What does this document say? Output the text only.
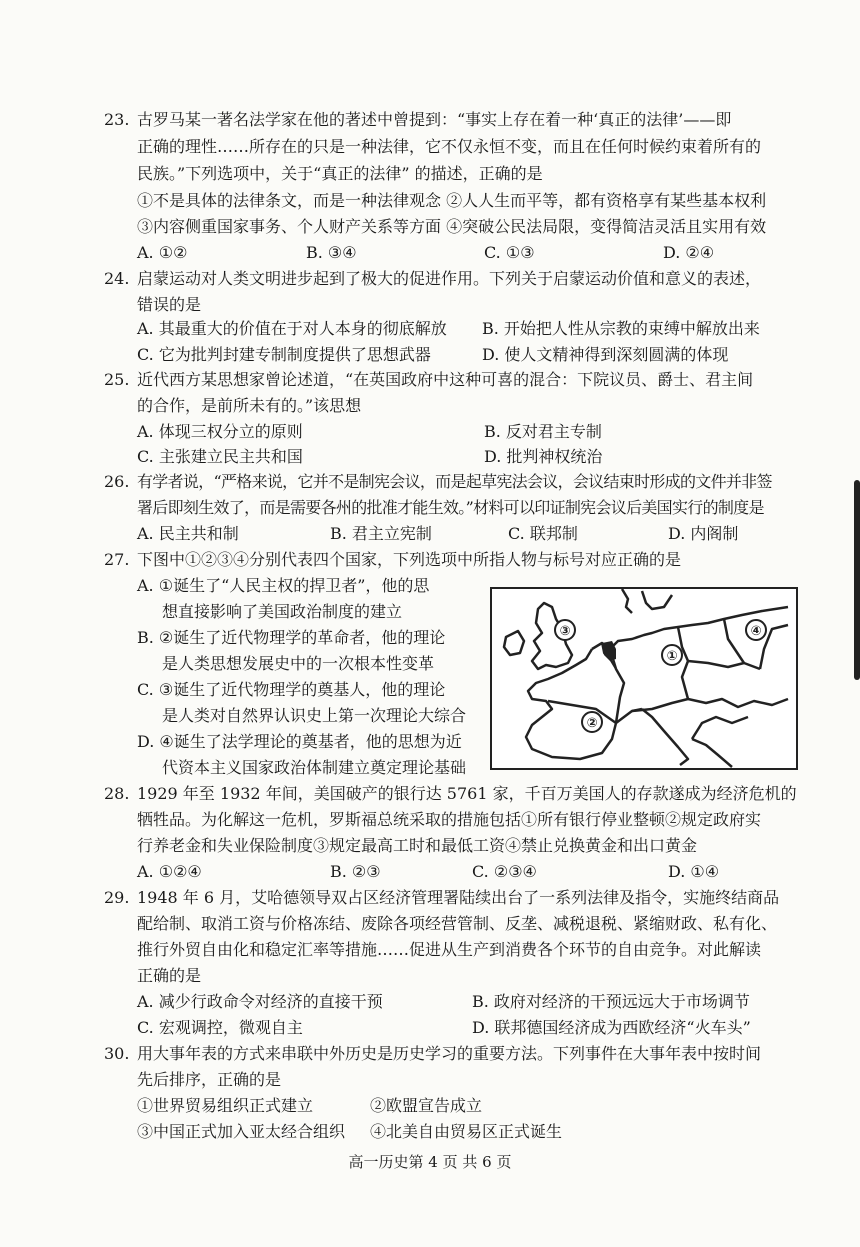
23. 古罗马某一著名法学家在他的著述中曾提到：“事实上存在着一种‘真正的法律’——即
正确的理性……所存在的只是一种法律，它不仅永恒不变，而且在任何时候约束着所有的
民族。”下列选项中，关于“真正的法律” 的描述，正确的是
①不是具体的法律条文，而是一种法律观念 ②人人生而平等，都有资格享有某些基本权利
③内容侧重国家事务、个人财产关系等方面 ④突破公民法局限，变得简洁灵活且实用有效
A. ①②	B. ③④	C. ①③	D. ②④
24. 启蒙运动对人类文明进步起到了极大的促进作用。下列关于启蒙运动价值和意义的表述，
错误的是
A. 其最重大的价值在于对人本身的彻底解放 B. 开始把人性从宗教的束缚中解放出来
C. 它为批判封建专制制度提供了思想武器	D. 使人文精神得到深刻圆满的体现
25. 近代西方某思想家曾论述道，“在英国政府中这种可喜的混合：下院议员、爵士、君主间
的合作，是前所未有的。”该思想
A. 体现三权分立的原则	B. 反对君主专制
C. 主张建立民主共和国	D. 批判神权统治
26. 有学者说，“严格来说，它并不是制宪会议，而是起草宪法会议，会议结束时形成的文件并非签
署后即刻生效了，而是需要各州的批准才能生效。”材料可以印证制宪会议后美国实行的制度是
A. 民主共和制	B. 君主立宪制	C. 联邦制	D. 内阁制
27. 下图中①②③④分别代表四个国家，下列选项中所指人物与标号对应正确的是
A. ①诞生了“人民主权的捍卫者”，他的思
想直接影响了美国政治制度的建立
B. ②诞生了近代物理学的革命者，他的理论
是人类思想发展史中的一次根本性变革
C. ③诞生了近代物理学的奠基人，他的理论
是人类对自然界认识史上第一次理论大综合
D. ④诞生了法学理论的奠基者，他的思想为近
代资本主义国家政治体制建立奠定理论基础
③
①
②
④
28. 1929 年至 1932 年间，美国破产的银行达 5761 家，千百万美国人的存款遂成为经济危机的
牺牲品。为化解这一危机，罗斯福总统采取的措施包括①所有银行停业整顿②规定政府实
行养老金和失业保险制度③规定最高工时和最低工资④禁止兑换黄金和出口黄金
A. ①②④	B. ②③	C. ②③④	D. ①④
29. 1948 年 6 月，艾哈德领导双占区经济管理署陆续出台了一系列法律及指令，实施终结商品
配给制、取消工资与价格冻结、废除各项经营管制、反垄、减税退税、紧缩财政、私有化、
推行外贸自由化和稳定汇率等措施……促进从生产到消费各个环节的自由竞争。对此解读
正确的是
A. 减少行政命令对经济的直接干预	B. 政府对经济的干预远远大于市场调节
C. 宏观调控，微观自主	D. 联邦德国经济成为西欧经济“火车头”
30. 用大事年表的方式来串联中外历史是历史学习的重要方法。下列事件在大事年表中按时间
先后排序，正确的是
①世界贸易组织正式建立	②欧盟宣告成立
③中国正式加入亚太经合组织 ④北美自由贸易区正式诞生
高一历史第 4 页 共 6 页
